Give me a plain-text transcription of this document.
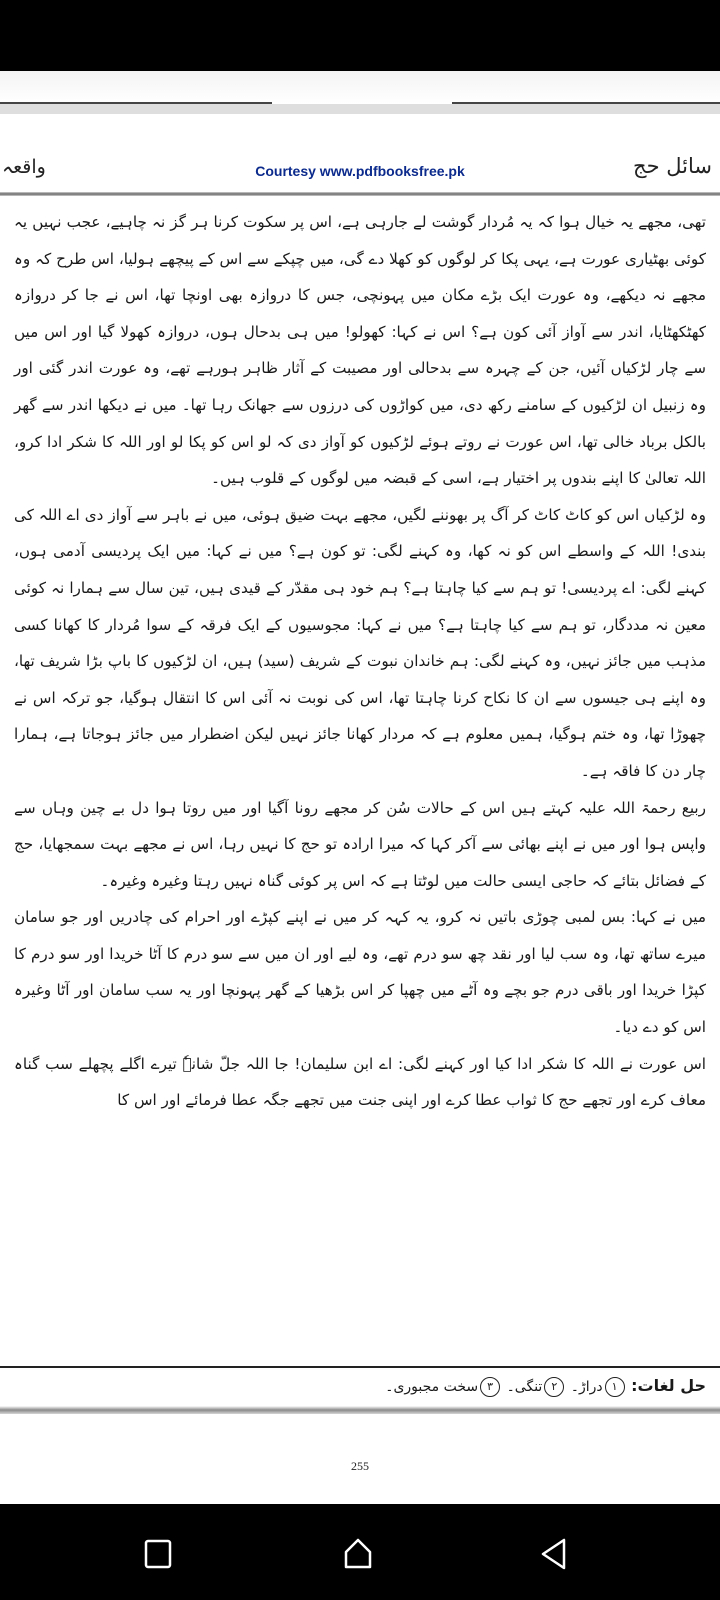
واقعہ	Courtesy www.pdfbooksfree.pk	سائل حج

تھی، مجھے یہ خیال ہوا کہ یہ مُردار گوشت لے جارہی ہے، اس پر سکوت کرنا ہر گز نہ چاہیے، عجب نہیں یہ کوئی بھٹیاری عورت ہے، یہی پکا کر لوگوں کو کھلا دے گی، میں چپکے سے اس کے پیچھے ہولیا، اس طرح کہ وہ مجھے نہ دیکھے، وہ عورت ایک بڑے مکان میں پہونچی، جس کا دروازہ بھی اونچا تھا، اس نے جا کر دروازہ کھٹکھٹایا، اندر سے آواز آئی کون ہے؟ اس نے کہا: کھولو! میں ہی بدحال ہوں، دروازہ کھولا گیا اور اس میں سے چار لڑکیاں آئیں، جن کے چہرہ سے بدحالی اور مصیبت کے آثار ظاہر ہورہے تھے، وہ عورت اندر گئی اور وہ زنبیل ان لڑکیوں کے سامنے رکھ دی، میں کواڑوں کی درزوں سے جھانک رہا تھا۔ میں نے دیکھا اندر سے گھر بالکل برباد خالی تھا، اس عورت نے روتے ہوئے لڑکیوں کو آواز دی کہ لو اس کو پکا لو اور اللہ کا شکر ادا کرو، اللہ تعالیٰ کا اپنے بندوں پر اختیار ہے، اسی کے قبضہ میں لوگوں کے قلوب ہیں۔

وہ لڑکیاں اس کو کاٹ کاٹ کر آگ پر بھوننے لگیں، مجھے بہت ضیق ہوئی، میں نے باہر سے آواز دی اے اللہ کی بندی! اللہ کے واسطے اس کو نہ کھا، وہ کہنے لگی: تو کون ہے؟ میں نے کہا: میں ایک پردیسی آدمی ہوں، کہنے لگی: اے پردیسی! تو ہم سے کیا چاہتا ہے؟ ہم خود ہی مقدّر کے قیدی ہیں، تین سال سے ہمارا نہ کوئی معین نہ مددگار، تو ہم سے کیا چاہتا ہے؟ میں نے کہا: مجوسیوں کے ایک فرقہ کے سوا مُردار کا کھانا کسی مذہب میں جائز نہیں، وہ کہنے لگی: ہم خاندان نبوت کے شریف (سید) ہیں، ان لڑکیوں کا باپ بڑا شریف تھا، وہ اپنے ہی جیسوں سے ان کا نکاح کرنا چاہتا تھا، اس کی نوبت نہ آئی اس کا انتقال ہوگیا، جو ترکہ اس نے چھوڑا تھا، وہ ختم ہوگیا، ہمیں معلوم ہے کہ مردار کھانا جائز نہیں لیکن اضطرار میں جائز ہوجاتا ہے، ہمارا چار دن کا فاقہ ہے۔

ربیع رحمۃ اللہ علیہ کہتے ہیں اس کے حالات سُن کر مجھے رونا آگیا اور میں روتا ہوا دل بے چین وہاں سے واپس ہوا اور میں نے اپنے بھائی سے آکر کہا کہ میرا ارادہ تو حج کا نہیں رہا، اس نے مجھے بہت سمجھایا، حج کے فضائل بتائے کہ حاجی ایسی حالت میں لوٹتا ہے کہ اس پر کوئی گناہ نہیں رہتا وغیرہ وغیرہ۔

میں نے کہا: بس لمبی چوڑی باتیں نہ کرو، یہ کہہ کر میں نے اپنے کپڑے اور احرام کی چادریں اور جو سامان میرے ساتھ تھا، وہ سب لیا اور نقد چھ سو درم تھے، وہ لیے اور ان میں سے سو درم کا آٹا خریدا اور سو درم کا کپڑا خریدا اور باقی درم جو بچے وہ آٹے میں چھپا کر اس بڑھیا کے گھر پہونچا اور یہ سب سامان اور آٹا وغیرہ اس کو دے دیا۔

اس عورت نے اللہ کا شکر ادا کیا اور کہنے لگی: اے ابن سلیمان! جا اللہ جلّ شانہٗ تیرے اگلے پچھلے سب گناہ معاف کرے اور تجھے حج کا ثواب عطا کرے اور اپنی جنت میں تجھے جگہ عطا فرمائے اور اس کا

حل لغات: ١دراڑ۔ ٢تنگی۔ ٣سخت مجبوری۔
255
